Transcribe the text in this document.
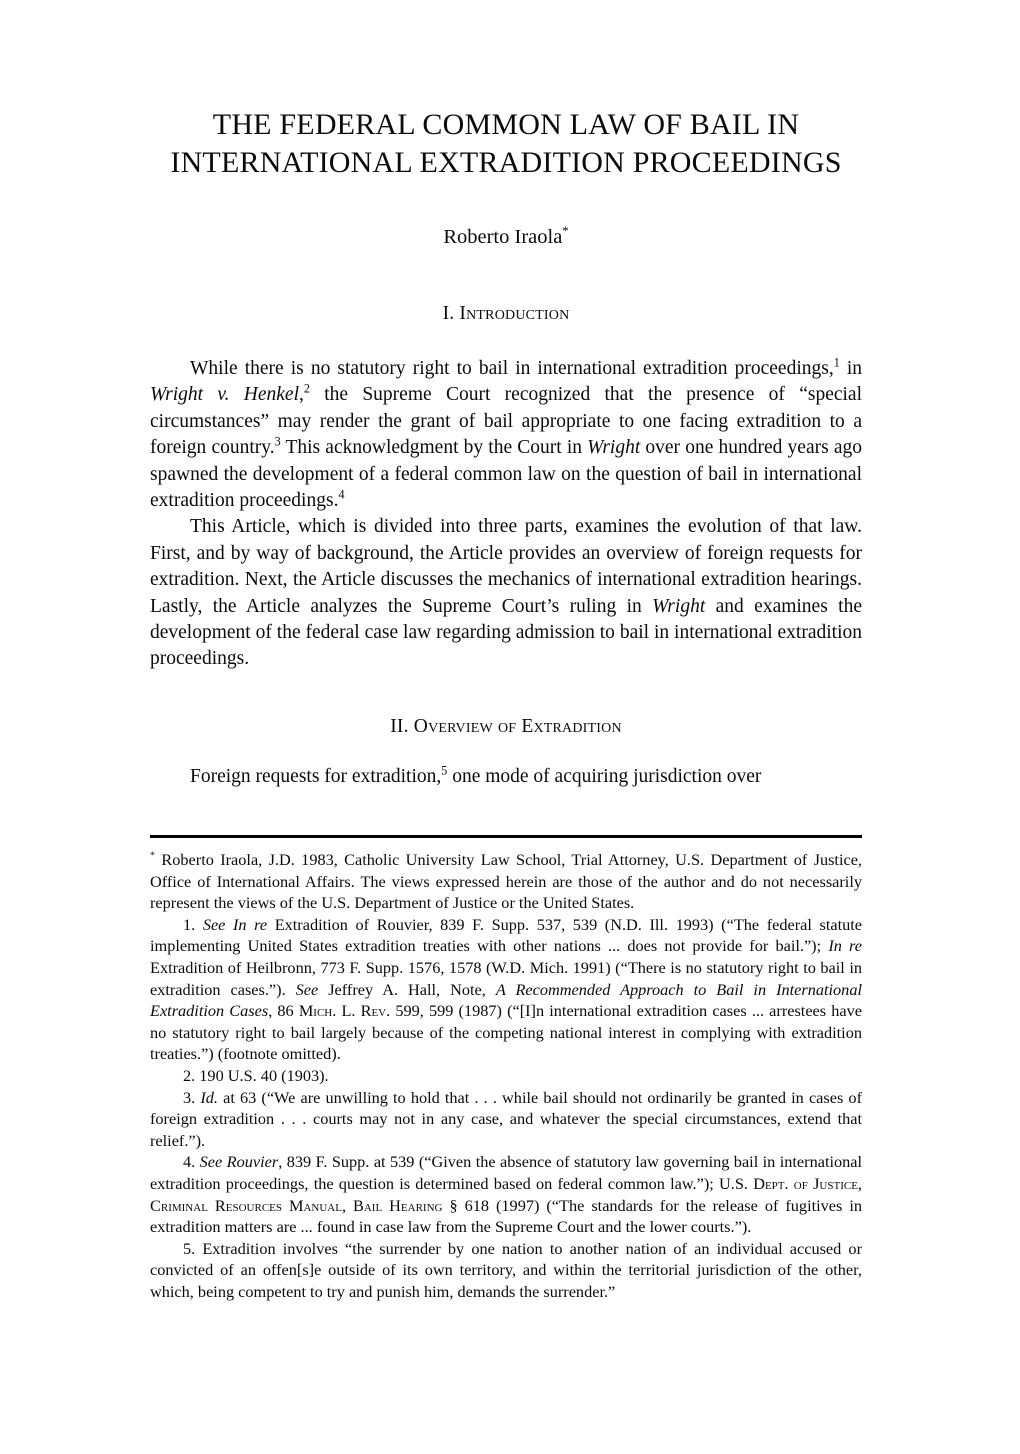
THE FEDERAL COMMON LAW OF BAIL IN
INTERNATIONAL EXTRADITION PROCEEDINGS
Roberto Iraola*
I. Introduction

While there is no statutory right to bail in international extradition proceedings,$^1$ in Wright v. Henkel,$^2$ the Supreme Court recognized that the presence of “special circumstances” may render the grant of bail appropriate to one facing extradition to a foreign country.$^3$ This acknowledgment by the Court in Wright over one hundred years ago spawned the development of a federal common law on the question of bail in international extradition proceedings.$^4$

This Article, which is divided into three parts, examines the evolution of that law. First, and by way of background, the Article provides an overview of foreign requests for extradition. Next, the Article discusses the mechanics of international extradition hearings. Lastly, the Article analyzes the Supreme Court’s ruling in Wright and examines the development of the federal case law regarding admission to bail in international extradition proceedings.

II. Overview of Extradition

Foreign requests for extradition,$^5$ one mode of acquiring jurisdiction over

* Roberto Iraola, J.D. 1983, Catholic University Law School, Trial Attorney, U.S. Department of Justice, Office of International Affairs. The views expressed herein are those of the author and do not necessarily represent the views of the U.S. Department of Justice or the United States.

1. See In re Extradition of Rouvier, 839 F. Supp. 537, 539 (N.D. Ill. 1993) (“The federal statute implementing United States extradition treaties with other nations ... does not provide for bail.”); In re Extradition of Heilbronn, 773 F. Supp. 1576, 1578 (W.D. Mich. 1991) (“There is no statutory right to bail in extradition cases.”). See Jeffrey A. Hall, Note, A Recommended Approach to Bail in International Extradition Cases, 86 Mich. L. Rev. 599, 599 (1987) (“[I]n international extradition cases ... arrestees have no statutory right to bail largely because of the competing national interest in complying with extradition treaties.”) (footnote omitted).

2. 190 U.S. 40 (1903).

3. Id. at 63 (“We are unwilling to hold that . . . while bail should not ordinarily be granted in cases of foreign extradition . . . courts may not in any case, and whatever the special circumstances, extend that relief.”).

4. See Rouvier, 839 F. Supp. at 539 (“Given the absence of statutory law governing bail in international extradition proceedings, the question is determined based on federal common law.”); U.S. Dept. of Justice, Criminal Resources Manual, Bail Hearing § 618 (1997) (“The standards for the release of fugitives in extradition matters are ... found in case law from the Supreme Court and the lower courts.”).

5. Extradition involves “the surrender by one nation to another nation of an individual accused or convicted of an offen[s]e outside of its own territory, and within the territorial jurisdiction of the other, which, being competent to try and punish him, demands the surrender.”
